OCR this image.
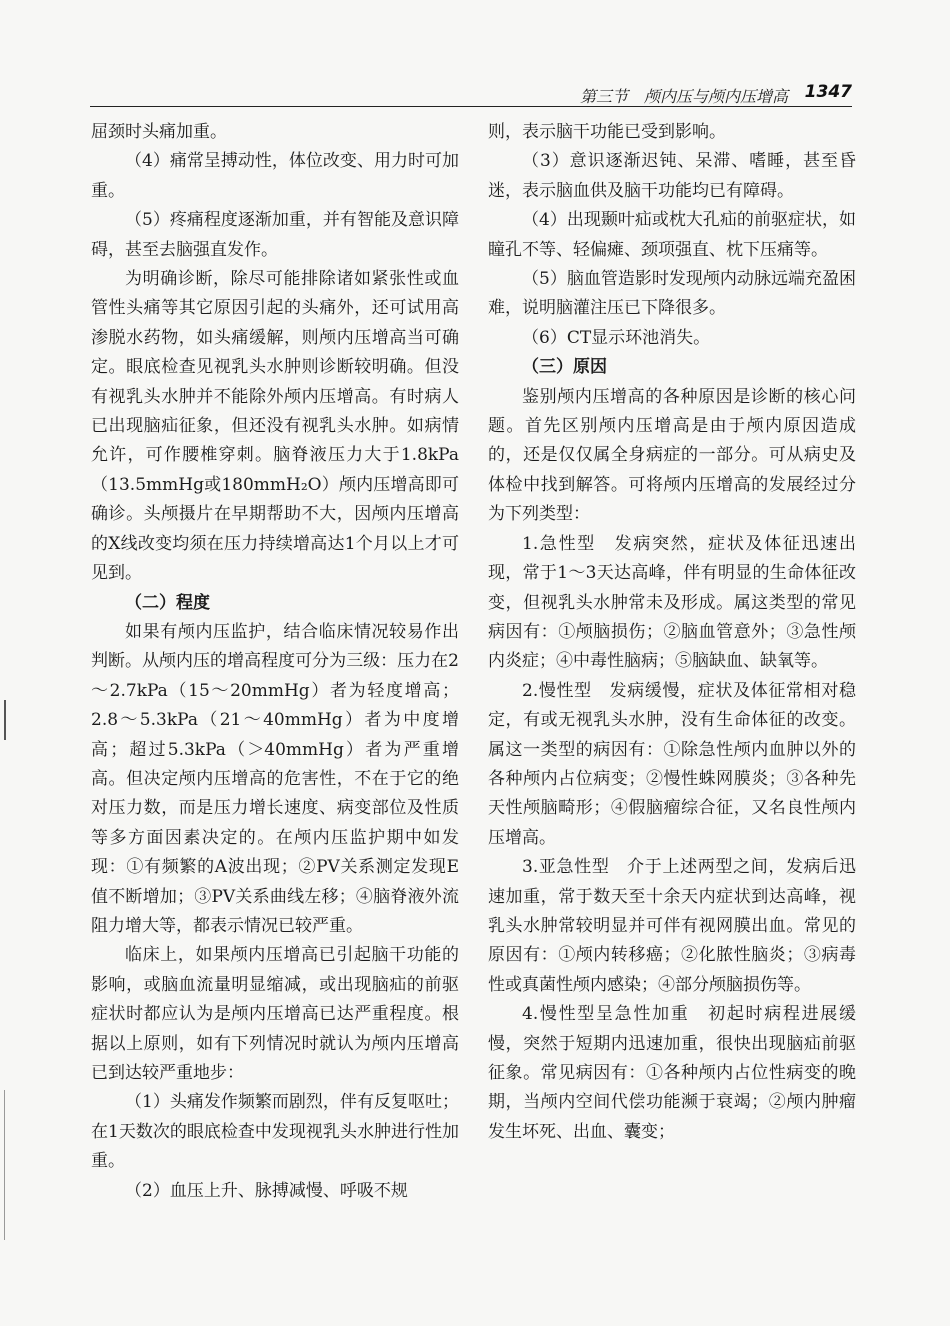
第三节　颅内压与颅内压增高 1347

屈颈时头痛加重。

（4）痛常呈搏动性，体位改变、用力时可加重。

（5）疼痛程度逐渐加重，并有智能及意识障碍，甚至去脑强直发作。

为明确诊断，除尽可能排除诸如紧张性或血管性头痛等其它原因引起的头痛外，还可试用高渗脱水药物，如头痛缓解，则颅内压增高当可确定。眼底检查见视乳头水肿则诊断较明确。但没有视乳头水肿并不能除外颅内压增高。有时病人已出现脑疝征象，但还没有视乳头水肿。如病情允许，可作腰椎穿刺。脑脊液压力大于1.8kPa（13.5mmHg或180mmH₂O）颅内压增高即可确诊。头颅摄片在早期帮助不大，因颅内压增高的X线改变均须在压力持续增高达1个月以上才可见到。

（二）程度

如果有颅内压监护，结合临床情况较易作出判断。从颅内压的增高程度可分为三级：压力在2～2.7kPa（15～20mmHg）者为轻度增高；2.8～5.3kPa（21～40mmHg）者为中度增高；超过5.3kPa（＞40mmHg）者为严重增高。但决定颅内压增高的危害性，不在于它的绝对压力数，而是压力增长速度、病变部位及性质等多方面因素决定的。在颅内压监护期中如发现：①有频繁的A波出现；②PV关系测定发现E值不断增加；③PV关系曲线左移；④脑脊液外流阻力增大等，都表示情况已较严重。

临床上，如果颅内压增高已引起脑干功能的影响，或脑血流量明显缩减，或出现脑疝的前驱症状时都应认为是颅内压增高已达严重程度。根据以上原则，如有下列情况时就认为颅内压增高已到达较严重地步：

（1）头痛发作频繁而剧烈，伴有反复呕吐；在1天数次的眼底检查中发现视乳头水肿进行性加重。

（2）血压上升、脉搏减慢、呼吸不规

则，表示脑干功能已受到影响。

（3）意识逐渐迟钝、呆滞、嗜睡，甚至昏迷，表示脑血供及脑干功能均已有障碍。

（4）出现颞叶疝或枕大孔疝的前驱症状，如瞳孔不等、轻偏瘫、颈项强直、枕下压痛等。

（5）脑血管造影时发现颅内动脉远端充盈困难，说明脑灌注压已下降很多。

（6）CT显示环池消失。

（三）原因

鉴别颅内压增高的各种原因是诊断的核心问题。首先区别颅内压增高是由于颅内原因造成的，还是仅仅属全身病症的一部分。可从病史及体检中找到解答。可将颅内压增高的发展经过分为下列类型：

1.急性型　发病突然，症状及体征迅速出现，常于1～3天达高峰，伴有明显的生命体征改变，但视乳头水肿常未及形成。属这类型的常见病因有：①颅脑损伤；②脑血管意外；③急性颅内炎症；④中毒性脑病；⑤脑缺血、缺氧等。

2.慢性型　发病缓慢，症状及体征常相对稳定，有或无视乳头水肿，没有生命体征的改变。属这一类型的病因有：①除急性颅内血肿以外的各种颅内占位病变；②慢性蛛网膜炎；③各种先天性颅脑畸形；④假脑瘤综合征，又名良性颅内压增高。

3.亚急性型　介于上述两型之间，发病后迅速加重，常于数天至十余天内症状到达高峰，视乳头水肿常较明显并可伴有视网膜出血。常见的原因有：①颅内转移癌；②化脓性脑炎；③病毒性或真菌性颅内感染；④部分颅脑损伤等。

4.慢性型呈急性加重　初起时病程进展缓慢，突然于短期内迅速加重，很快出现脑疝前驱征象。常见病因有：①各种颅内占位性病变的晚期，当颅内空间代偿功能濒于衰竭；②颅内肿瘤发生坏死、出血、囊变；
